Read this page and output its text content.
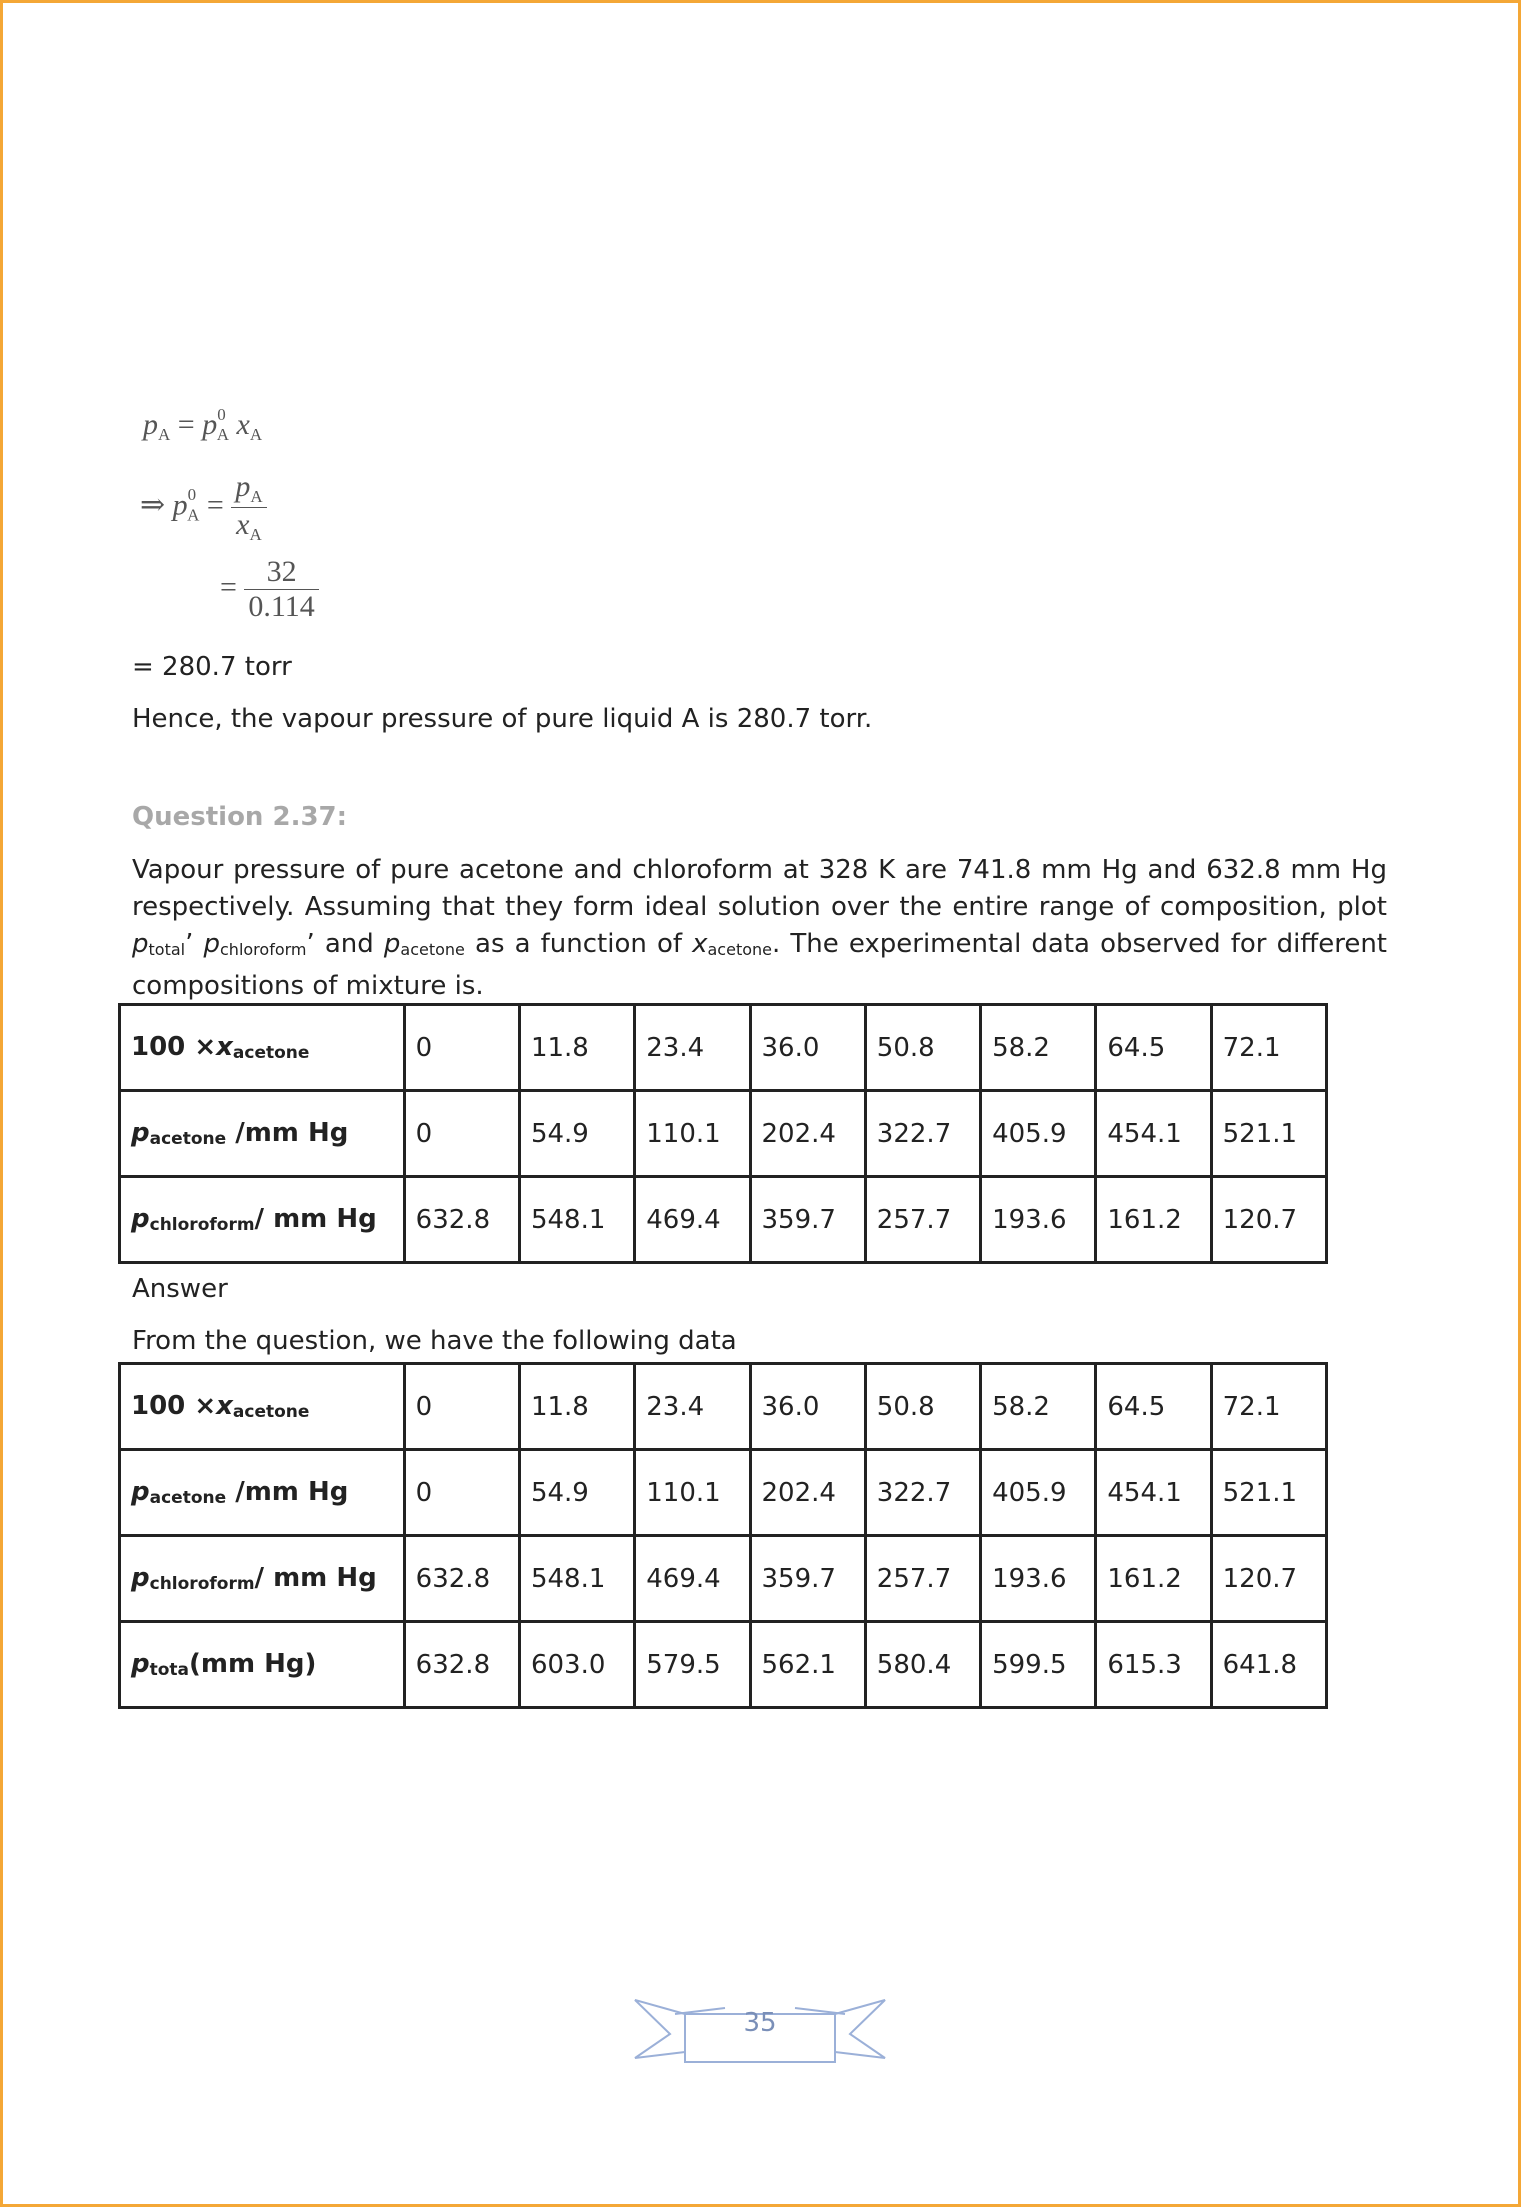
$p_A = p^0_A$ $x_A$
⇒ $p^0_A = \frac{p_A}{x_A}$
= $\frac{32}{0.114}$
= 280.7 torr
Hence, the vapour pressure of pure liquid A is 280.7 torr.
Question 2.37:
Vapour pressure of pure acetone and chloroform at 328 K are 741.8 mm Hg and 632.8 mm Hg respectively. Assuming that they form ideal solution over the entire range of composition, plot $p_{total}$’ $p_{chloroform}$’ and $p_{acetone}$ as a function of $x_{acetone}$. The experimental data observed for different compositions of mixture is.
$100 \times x_{acetone}$	0	11.8	23.4	36.0	50.8	58.2	64.5	72.1
$p_{acetone}$ /mm Hg	0	54.9	110.1	202.4	322.7	405.9	454.1	521.1
$p_{chloroform}/$ mm Hg	632.8	548.1	469.4	359.7	257.7	193.6	161.2	120.7
Answer
From the question, we have the following data
$100 \times x_{acetone}$	0	11.8	23.4	36.0	50.8	58.2	64.5	72.1
$p_{acetone}$ /mm Hg	0	54.9	110.1	202.4	322.7	405.9	454.1	521.1
$p_{chloroform}/$ mm Hg	632.8	548.1	469.4	359.7	257.7	193.6	161.2	120.7
$p_{tota}(mm$ Hg)	632.8	603.0	579.5	562.1	580.4	599.5	615.3	641.8
35
